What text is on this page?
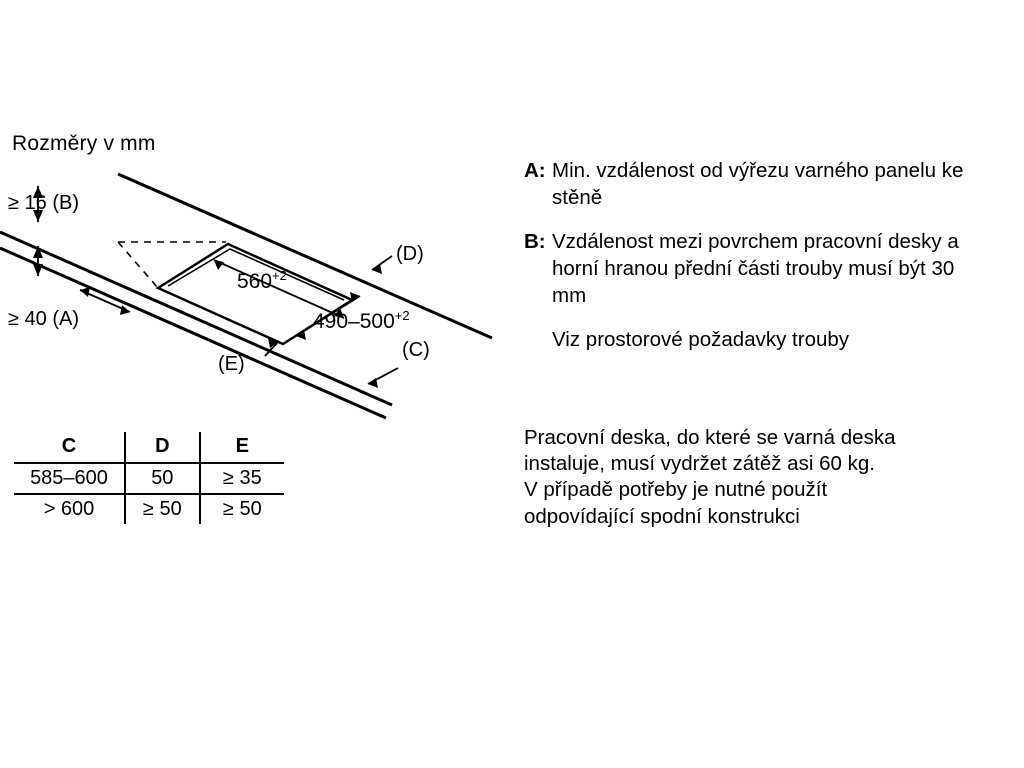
Rozměry v mm
≥ 16 (B)
≥ 40 (A)
(D)
(C)
(E)
$560^{+2}$
$490-500^{+2}$
C	D	E
585–600	50	≥ 35
> 600	≥ 50	≥ 50
A: Min. vzdálenost od výřezu varného panelu ke stěně
B: Vzdálenost mezi povrchem pracovní desky a horní hranou přední části trouby musí být 30 mm
Viz prostorové požadavky trouby

Pracovní deska, do které se varná deska

instaluje, musí vydržet zátěž asi 60 kg.

V případě potřeby je nutné použít

odpovídající spodní konstrukci
